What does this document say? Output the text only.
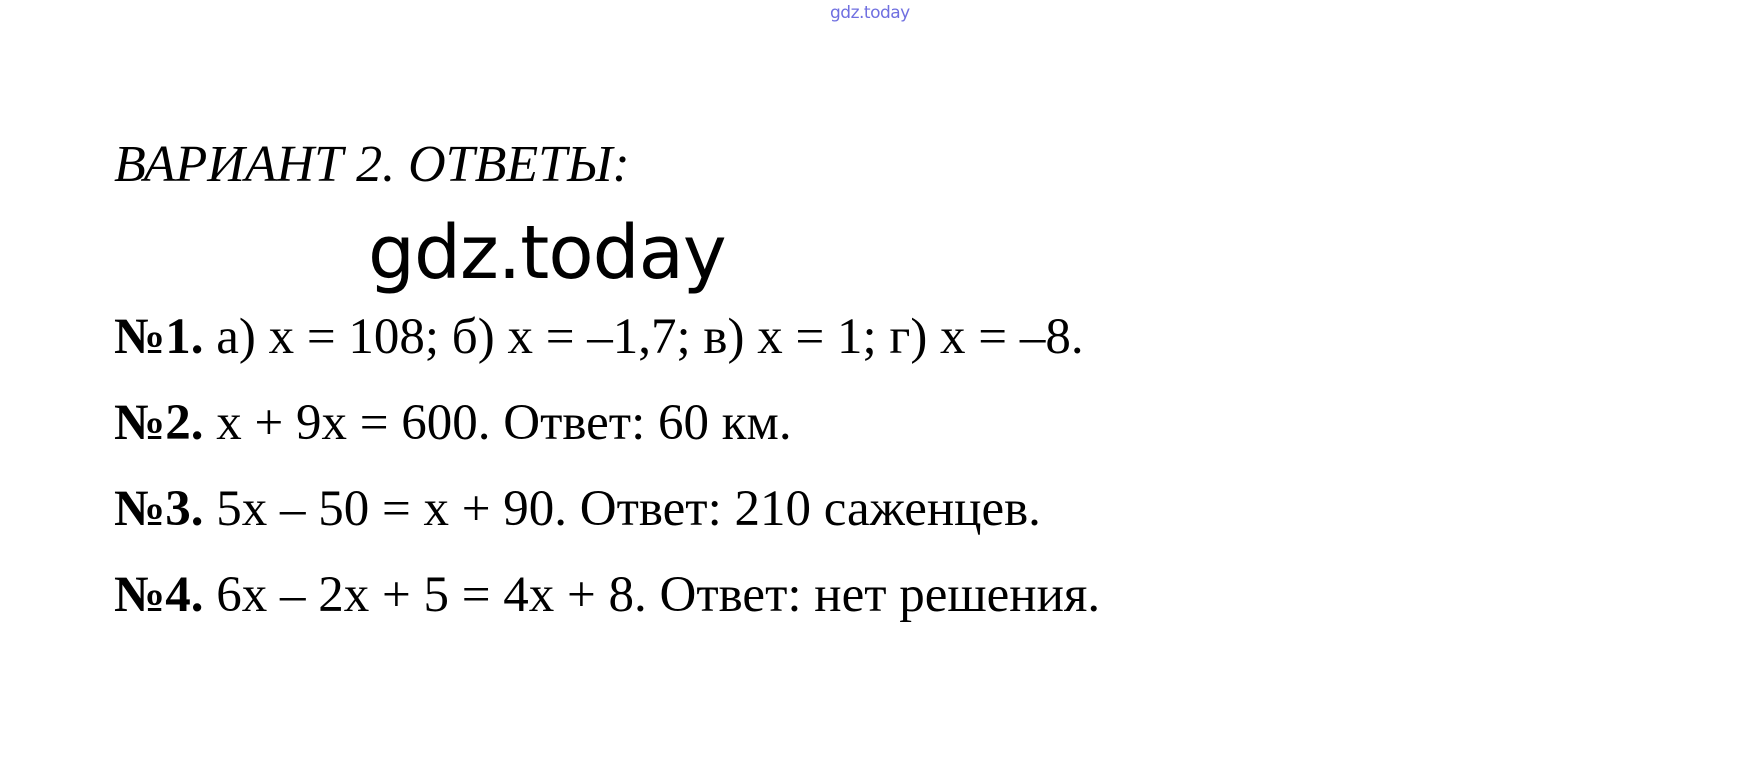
gdz.today
ВАРИАНТ 2. ОТВЕТЫ:
gdz.today
№1. а) x = 108; б) x = –1,7; в) x = 1; г) x = –8.
№2. x + 9x = 600. Ответ: 60 км.
№3. 5x – 50 = x + 90. Ответ: 210 саженцев.
№4. 6x – 2x + 5 = 4x + 8. Ответ: нет решения.
